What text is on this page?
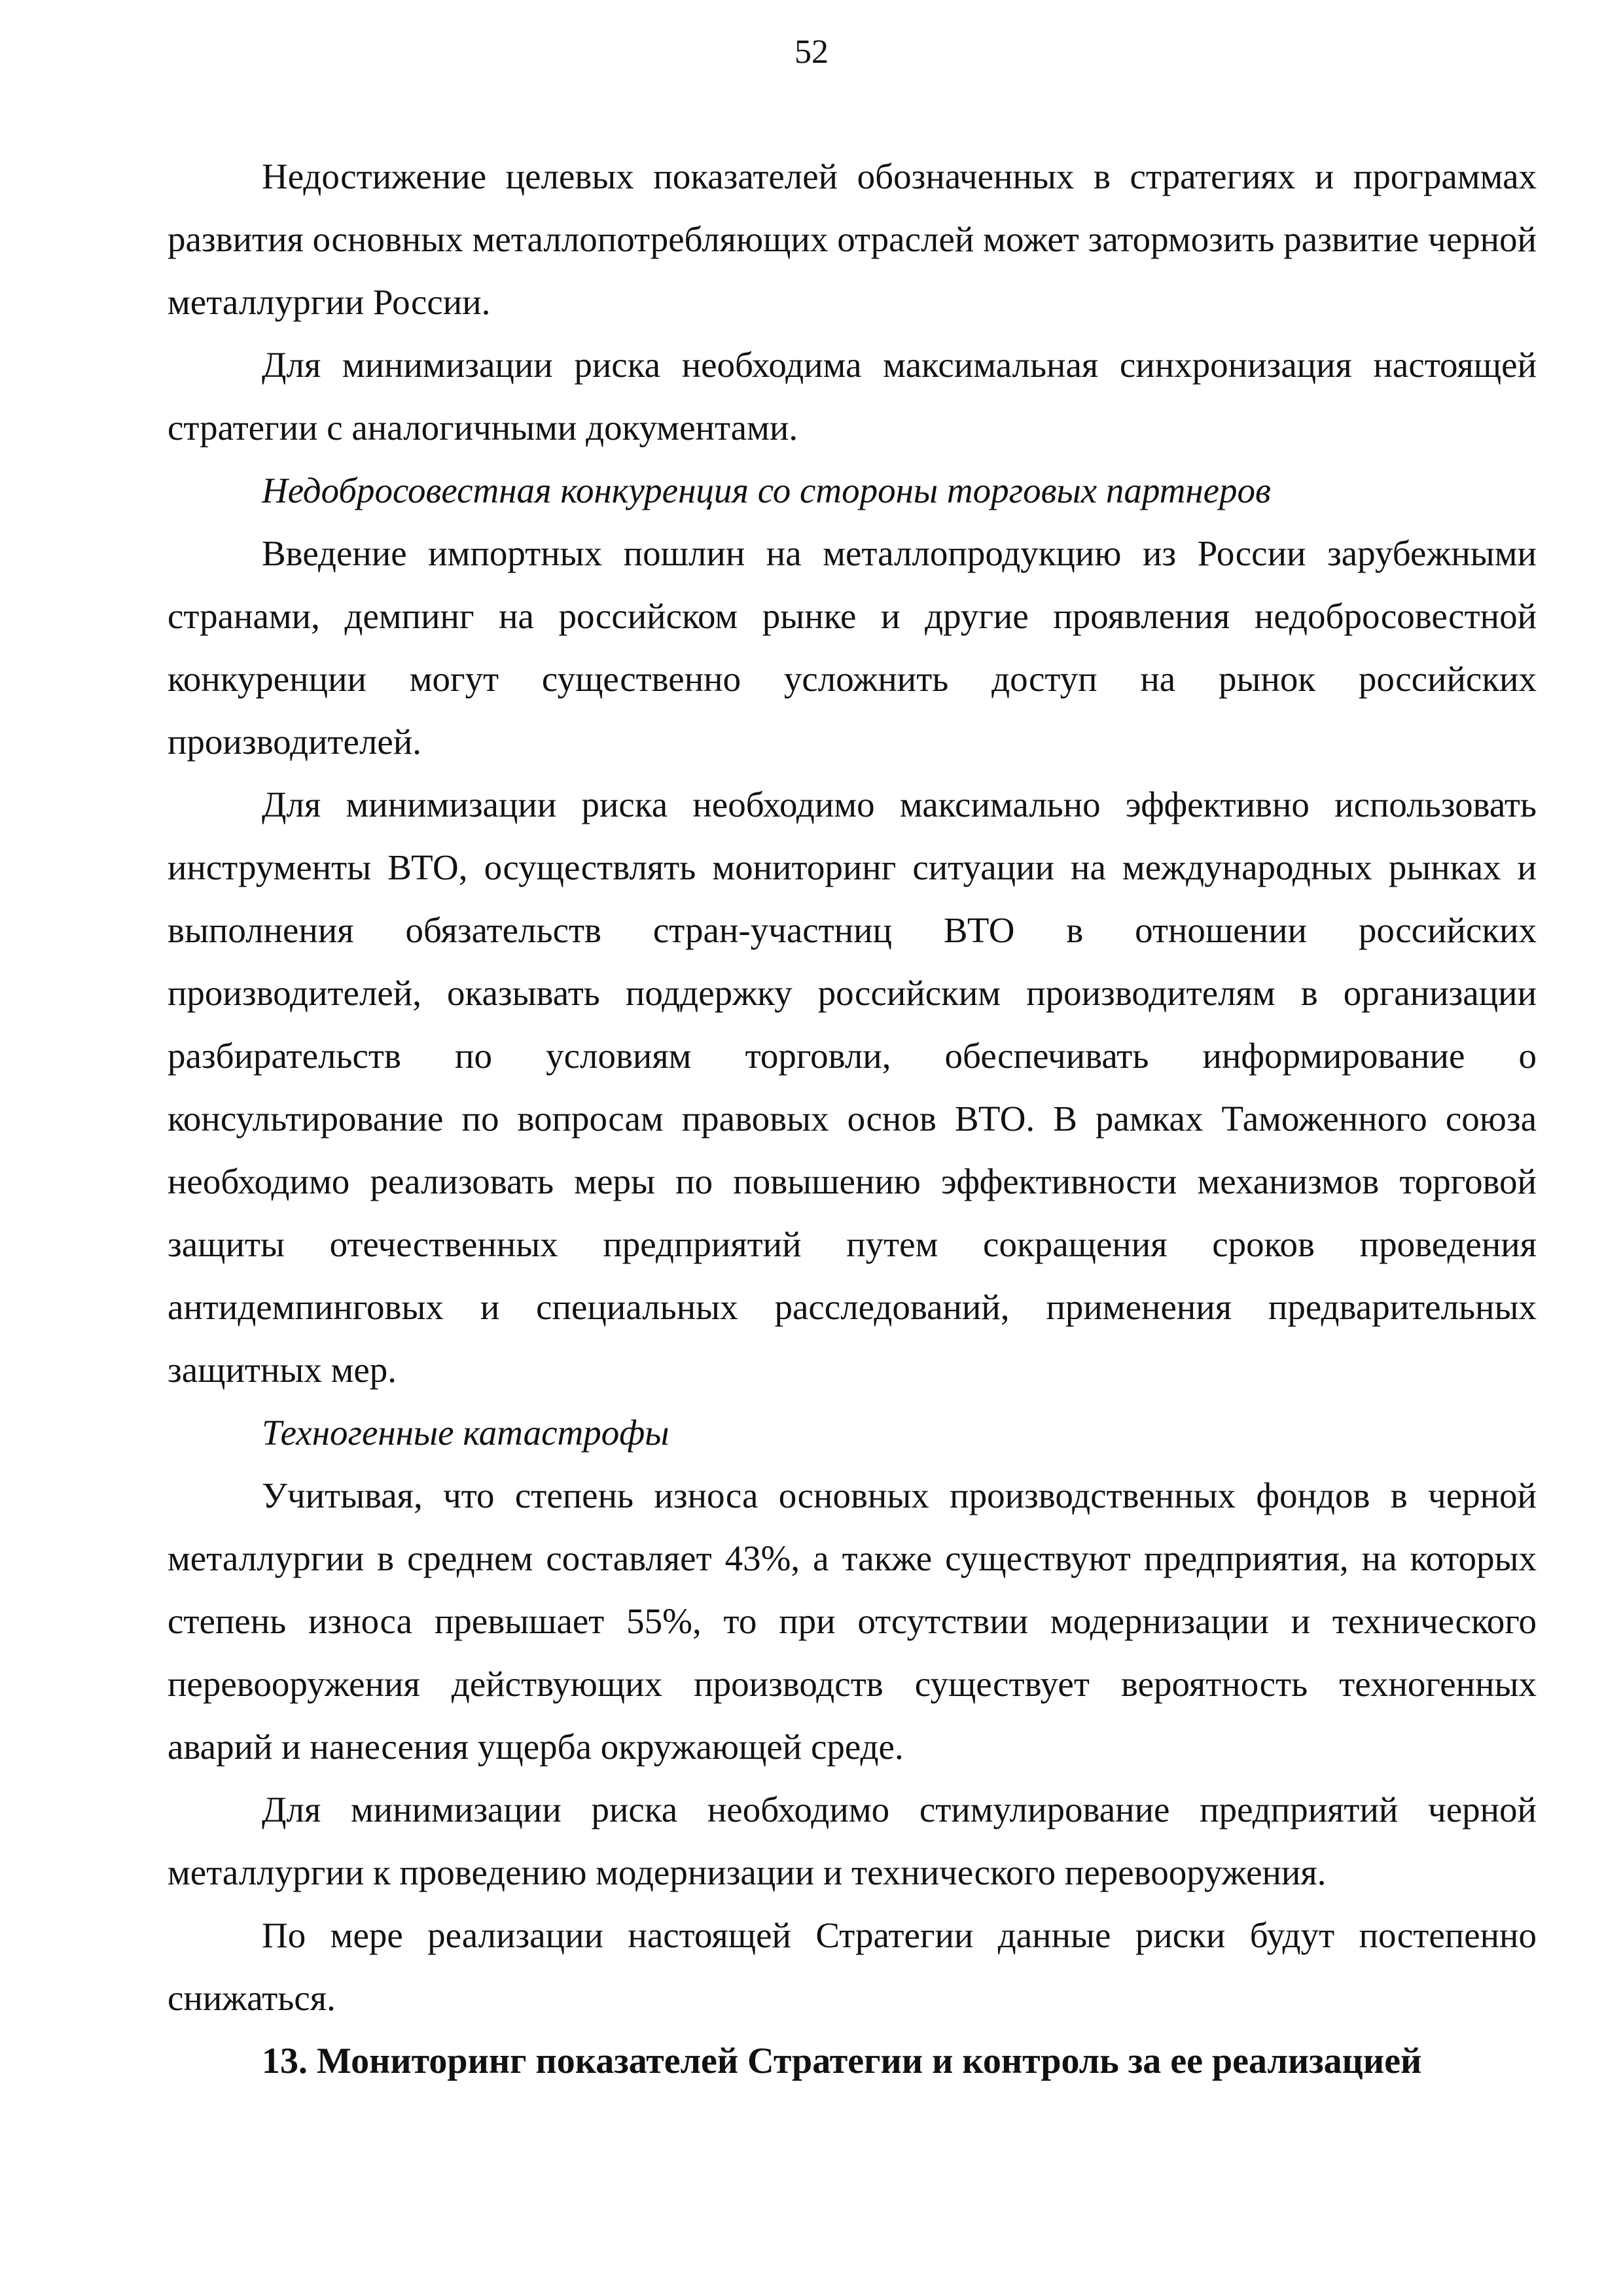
52

Недостижение целевых показателей обозначенных в стратегиях и программах развития основных металлопотребляющих отраслей может затормозить развитие черной металлургии России.

Для минимизации риска необходима максимальная синхронизация настоящей стратегии с аналогичными документами.

Недобросовестная конкуренция со стороны торговых партнеров

Введение импортных пошлин на металлопродукцию из России зарубежными странами, демпинг на российском рынке и другие проявления недобросовестной конкуренции могут существенно усложнить доступ на рынок российских производителей.

Для минимизации риска необходимо максимально эффективно использовать инструменты ВТО, осуществлять мониторинг ситуации на международных рынках и выполнения обязательств стран-участниц ВТО в отношении российских производителей, оказывать поддержку российским производителям в организации разбирательств по условиям торговли, обеспечивать информирование о консультирование по вопросам правовых основ ВТО. В рамках Таможенного союза необходимо реализовать меры по повышению эффективности механизмов торговой защиты отечественных предприятий путем сокращения сроков проведения антидемпинговых и специальных расследований, применения предварительных защитных мер.

Техногенные катастрофы

Учитывая, что степень износа основных производственных фондов в черной металлургии в среднем составляет 43%, а также существуют предприятия, на которых степень износа превышает 55%, то при отсутствии модернизации и технического перевооружения действующих производств существует вероятность техногенных аварий и нанесения ущерба окружающей среде.

Для минимизации риска необходимо стимулирование предприятий черной металлургии к проведению модернизации и технического перевооружения.

По мере реализации настоящей Стратегии данные риски будут постепенно снижаться.

13. Мониторинг показателей Стратегии и контроль за ее реализацией
